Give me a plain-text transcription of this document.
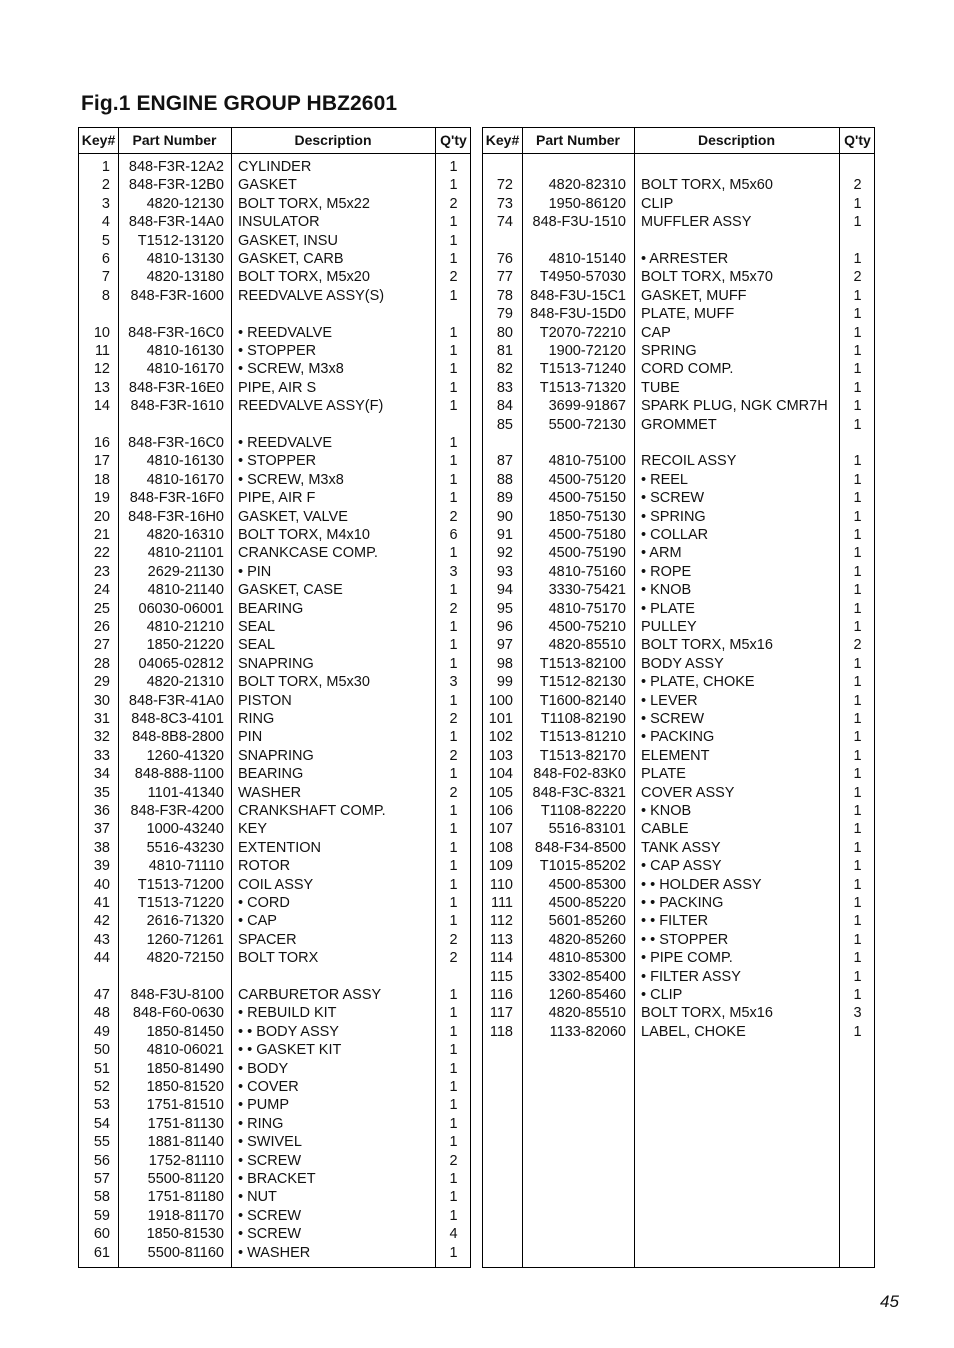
Fig.1 ENGINE GROUP HBZ2601
Key#	Part Number	Description	Q'ty
1	848-F3R-12A2 CYLINDER	1
2	848-F3R-12B0 GASKET	1
3	4820-12130 BOLT TORX, M5x22	2
4	848-F3R-14A0 INSULATOR	1
5	T1512-13120 GASKET, INSU	1
6	4810-13130 GASKET, CARB	1
7	4820-13180 BOLT TORX, M5x20	2
8	848-F3R-1600 REEDVALVE ASSY(S)	1
10	848-F3R-16C0 • REEDVALVE	1
11	4810-16130 • STOPPER	1
12	4810-16170 • SCREW, M3x8	1
13	848-F3R-16E0 PIPE, AIR S	1
14	848-F3R-1610 REEDVALVE ASSY(F)	1
16	848-F3R-16C0 • REEDVALVE	1
17	4810-16130 • STOPPER	1
18	4810-16170 • SCREW, M3x8	1
19	848-F3R-16F0 PIPE, AIR F	1
20	848-F3R-16H0 GASKET, VALVE	2
21	4820-16310 BOLT TORX, M4x10	6
22	4810-21101 CRANKCASE COMP.	1
23	2629-21130 • PIN	3
24	4810-21140 GASKET, CASE	1
25	06030-06001 BEARING	2
26	4810-21210 SEAL	1
27	1850-21220 SEAL	1
28	04065-02812 SNAPRING	1
29	4820-21310 BOLT TORX, M5x30	3
30	848-F3R-41A0 PISTON	1
31	848-8C3-4101 RING	2
32	848-8B8-2800 PIN	1
33	1260-41320 SNAPRING	2
34	848-888-1100 BEARING	1
35	1101-41340 WASHER	2
36	848-F3R-4200 CRANKSHAFT COMP.	1
37	1000-43240 KEY	1
38	5516-43230 EXTENTION	1
39	4810-71110 ROTOR	1
40	T1513-71200 COIL ASSY	1
41	T1513-71220 • CORD	1
42	2616-71320 • CAP	1
43	1260-71261 SPACER	2
44	4820-72150 BOLT TORX	2
47	848-F3U-8100 CARBURETOR ASSY	1
48	848-F60-0630 • REBUILD KIT	1
49	1850-81450 • • BODY ASSY	1
50	4810-06021 • • GASKET KIT	1
51	1850-81490 • BODY	1
52	1850-81520 • COVER	1
53	1751-81510 • PUMP	1
54	1751-81130 • RING	1
55	1881-81140 • SWIVEL	1
56	1752-81110 • SCREW	2
57	5500-81120 • BRACKET	1
58	1751-81180 • NUT	1
59	1918-81170 • SCREW	1
60	1850-81530 • SCREW	4
61	5500-81160 • WASHER	1
Key#	Part Number	Description	Q'ty
72	4820-82310 BOLT TORX, M5x60	2
73	1950-86120 CLIP	1
74	848-F3U-1510 MUFFLER ASSY	1
76	4810-15140 • ARRESTER	1
77	T4950-57030 BOLT TORX, M5x70	2
78	848-F3U-15C1 GASKET, MUFF	1
79	848-F3U-15D0 PLATE, MUFF	1
80	T2070-72210 CAP	1
81	1900-72120 SPRING	1
82	T1513-71240 CORD COMP.	1
83	T1513-71320 TUBE	1
84	3699-91867 SPARK PLUG, NGK CMR7H	1
85	5500-72130 GROMMET	1
87	4810-75100 RECOIL ASSY	1
88	4500-75120 • REEL	1
89	4500-75150 • SCREW	1
90	1850-75130 • SPRING	1
91	4500-75180 • COLLAR	1
92	4500-75190 • ARM	1
93	4810-75160 • ROPE	1
94	3330-75421 • KNOB	1
95	4810-75170 • PLATE	1
96	4500-75210 PULLEY	1
97	4820-85510 BOLT TORX, M5x16	2
98	T1513-82100 BODY ASSY	1
99	T1512-82130 • PLATE, CHOKE	1
100	T1600-82140 • LEVER	1
101	T1108-82190 • SCREW	1
102	T1513-81210 • PACKING	1
103	T1513-82170 ELEMENT	1
104	848-F02-83K0 PLATE	1
105	848-F3C-8321 COVER ASSY	1
106	T1108-82220 • KNOB	1
107	5516-83101 CABLE	1
108	848-F34-8500 TANK ASSY	1
109	T1015-85202 • CAP ASSY	1
110	4500-85300 • • HOLDER ASSY	1
111	4500-85220 • • PACKING	1
112	5601-85260 • • FILTER	1
113	4820-85260 • • STOPPER	1
114	4810-85300 • PIPE COMP.	1
115	3302-85400 • FILTER ASSY	1
116	1260-85460 • CLIP	1
117	4820-85510 BOLT TORX, M5x16	3
118	1133-82060 LABEL, CHOKE	1
45
